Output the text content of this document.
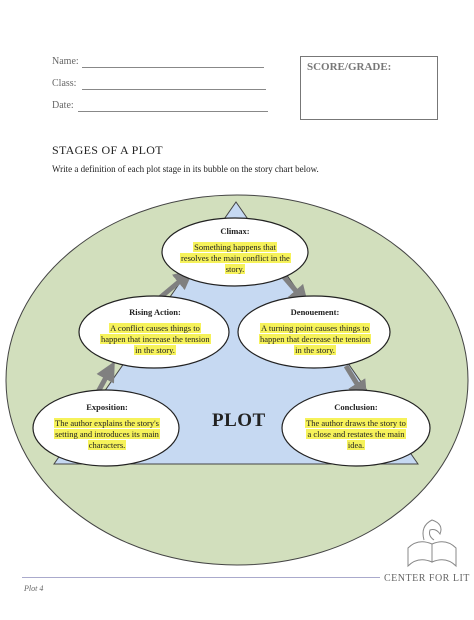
Name:
Class:
Date:
SCORE/GRADE:
STAGES OF A PLOT
Write a definition of each plot stage in its bubble on the story chart below.
Climax:
Something happens that resolves the main conflict in the story.
Rising Action:
A conflict causes things to happen that increase the tension in the story.
Denouement:
A turning point causes things to happen that decrease the tension in the story.
Exposition:
The author explains the story's setting and introduces its main characters.
Conclusion:
The author draws the story to a close and restates the main idea.
PLOT
Plot 4
CENTER FOR LIT
